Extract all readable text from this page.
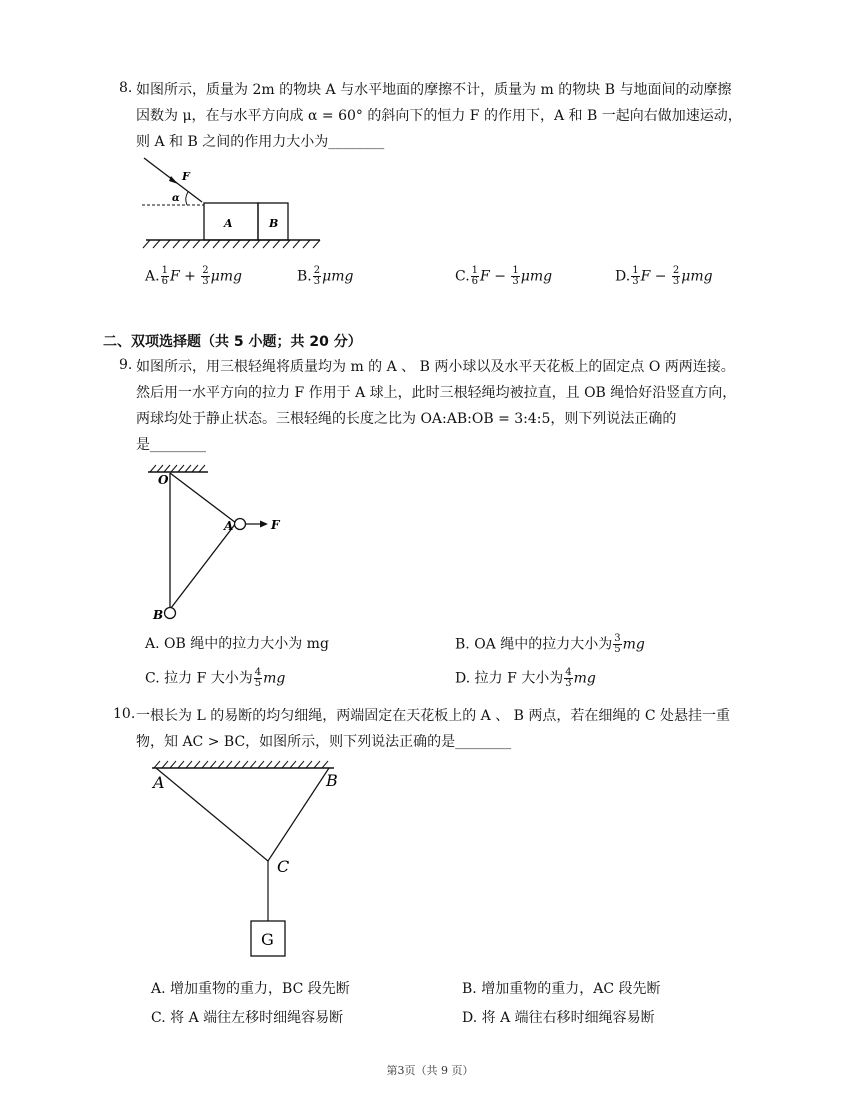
8. 如图所示，质量为 2m 的物块 A 与水平地面的摩擦不计，质量为 m 的物块 B 与地面间的动摩擦
因数为 μ，在与水平方向成 α = 60° 的斜向下的恒力 F 的作用下，A 和 B 一起向右做加速运动，
则 A 和 B 之间的作用力大小为________
A	B
F
α
A. $\frac{1}{6}$ $F + \frac{2}{3}$ μmg	B. $\frac{2}{3}$ μmg	C. $\frac{1}{6}$ $F - \frac{1}{3}$ μmg	D. $\frac{1}{3}$ $F - \frac{2}{3}$ μmg
二、双项选择题（共 5 小题；共 20 分）
9. 如图所示，用三根轻绳将质量均为 m 的 A 、 B 两小球以及水平天花板上的固定点 O 两两连接。
然后用一水平方向的拉力 F 作用于 A 球上，此时三根轻绳均被拉直，且 OB 绳恰好沿竖直方向，
两球均处于静止状态。三根轻绳的长度之比为 OA:AB:OB = 3:4:5，则下列说法正确的
是________
O
A
B
F
A. OB 绳中的拉力大小为 mg	B. OA 绳中的拉力大小为 $\frac{3}{5}$ mg
C. 拉力 F 大小为 $\frac{4}{5}$ mg	D. 拉力 F 大小为 $\frac{4}{3}$ mg
10. 一根长为 L 的易断的均匀细绳，两端固定在天花板上的 A 、 B 两点，若在细绳的 C 处悬挂一重
物，知 AC > BC，如图所示，则下列说法正确的是________
G
A	B
C
A. 增加重物的重力，BC 段先断	B. 增加重物的重力，AC 段先断
C. 将 A 端往左移时细绳容易断	D. 将 A 端往右移时细绳容易断
第3页（共 9 页）
